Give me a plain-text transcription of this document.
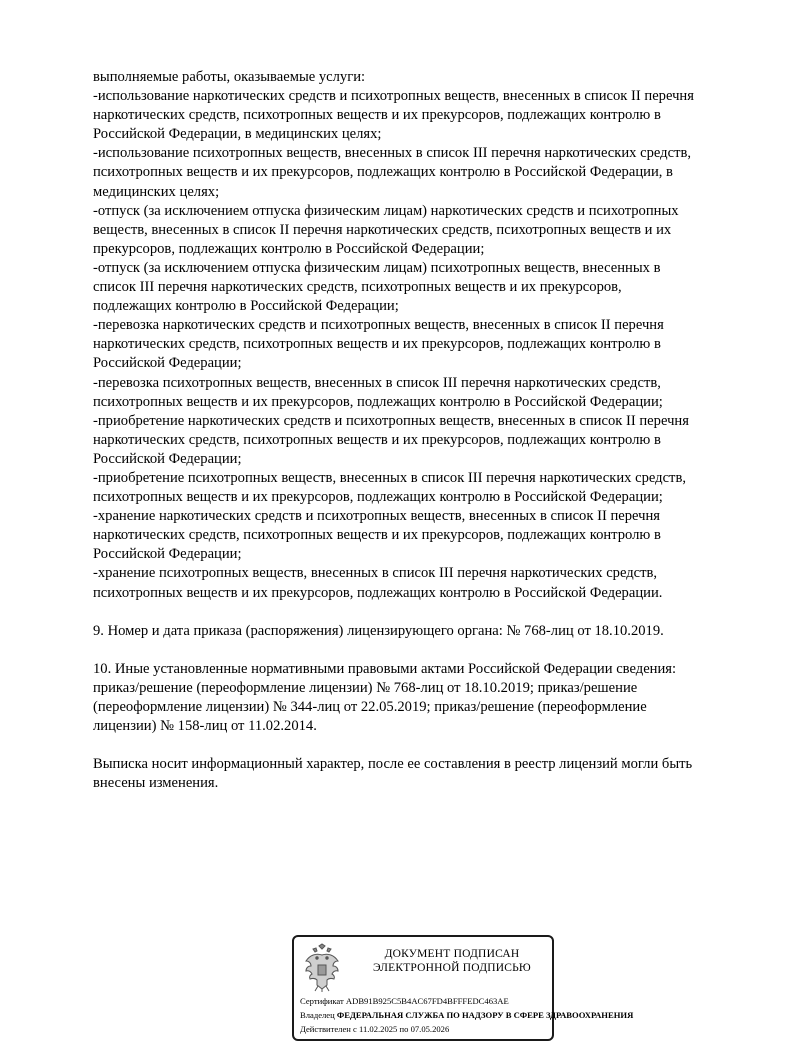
выполняемые работы, оказываемые услуги:
-использование наркотических средств и психотропных веществ, внесенных в список II перечня
наркотических средств, психотропных веществ и их прекурсоров, подлежащих контролю в
Российской Федерации, в медицинских целях;
-использование психотропных веществ, внесенных в список III перечня наркотических средств,
психотропных веществ и их прекурсоров, подлежащих контролю в Российской Федерации, в
медицинских целях;
-отпуск (за исключением отпуска физическим лицам) наркотических средств и психотропных
веществ, внесенных в список II перечня наркотических средств, психотропных веществ и их
прекурсоров, подлежащих контролю в Российской Федерации;
-отпуск (за исключением отпуска физическим лицам) психотропных веществ, внесенных в
список III перечня наркотических средств, психотропных веществ и их прекурсоров,
подлежащих контролю в Российской Федерации;
-перевозка наркотических средств и психотропных веществ, внесенных в список II перечня
наркотических средств, психотропных веществ и их прекурсоров, подлежащих контролю в
Российской Федерации;
-перевозка психотропных веществ, внесенных в список III перечня наркотических средств,
психотропных веществ и их прекурсоров, подлежащих контролю в Российской Федерации;
-приобретение наркотических средств и психотропных веществ, внесенных в список II перечня
наркотических средств, психотропных веществ и их прекурсоров, подлежащих контролю в
Российской Федерации;
-приобретение психотропных веществ, внесенных в список III перечня наркотических средств,
психотропных веществ и их прекурсоров, подлежащих контролю в Российской Федерации;
-хранение наркотических средств и психотропных веществ, внесенных в список II перечня
наркотических средств, психотропных веществ и их прекурсоров, подлежащих контролю в
Российской Федерации;
-хранение психотропных веществ, внесенных в список III перечня наркотических средств,
психотропных веществ и их прекурсоров, подлежащих контролю в Российской Федерации.
9. Номер и дата приказа (распоряжения) лицензирующего органа: № 768-лиц от 18.10.2019.
10. Иные установленные нормативными правовыми актами Российской Федерации сведения:
приказ/решение (переоформление лицензии) № 768-лиц от 18.10.2019; приказ/решение
(переоформление лицензии) № 344-лиц от 22.05.2019; приказ/решение (переоформление
лицензии) № 158-лиц от 11.02.2014.
Выписка носит информационный характер, после ее составления в реестр лицензий могли быть
внесены изменения.
ДОКУМЕНТ ПОДПИСАН
ЭЛЕКТРОННОЙ ПОДПИСЬЮ
Сертификат ADB91B925C5B4AC67FD4BFFFEDC463AE
Владелец ФЕДЕРАЛЬНАЯ СЛУЖБА ПО НАДЗОРУ В СФЕРЕ ЗДРАВООХРАНЕНИЯ
Действителен с 11.02.2025 по 07.05.2026
